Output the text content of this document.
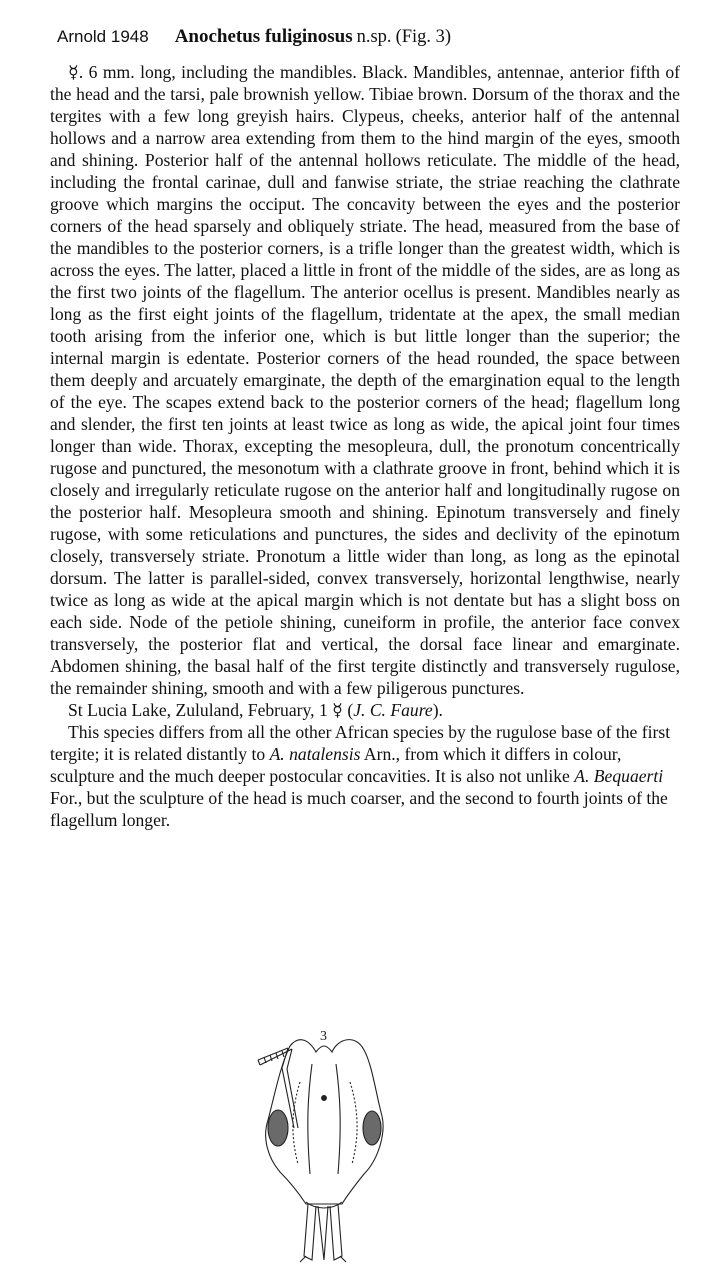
Arnold 1948 Anochetus fuliginosus n.sp. (Fig. 3)

☿. 6 mm. long, including the mandibles. Black. Mandibles, antennae, anterior fifth of the head and the tarsi, pale brownish yellow. Tibiae brown. Dorsum of the thorax and the tergites with a few long greyish hairs. Clypeus, cheeks, anterior half of the antennal hollows and a narrow area extending from them to the hind margin of the eyes, smooth and shining. Posterior half of the antennal hollows reticulate. The middle of the head, including the frontal carinae, dull and fanwise striate, the striae reaching the clathrate groove which margins the occiput. The concavity between the eyes and the posterior corners of the head sparsely and obliquely striate. The head, measured from the base of the mandibles to the posterior corners, is a trifle longer than the greatest width, which is across the eyes. The latter, placed a little in front of the middle of the sides, are as long as the first two joints of the flagellum. The anterior ocellus is present. Mandibles nearly as long as the first eight joints of the flagellum, tridentate at the apex, the small median tooth arising from the inferior one, which is but little longer than the superior; the internal margin is edentate. Posterior corners of the head rounded, the space between them deeply and arcuately emarginate, the depth of the emargination equal to the length of the eye. The scapes extend back to the posterior corners of the head; flagellum long and slender, the first ten joints at least twice as long as wide, the apical joint four times longer than wide. Thorax, excepting the mesopleura, dull, the pronotum concentrically rugose and punctured, the mesonotum with a clathrate groove in front, behind which it is closely and irregularly reticulate rugose on the anterior half and longitudinally rugose on the posterior half. Mesopleura smooth and shining. Epinotum transversely and finely rugose, with some reticulations and punctures, the sides and declivity of the epinotum closely, transversely striate. Pronotum a little wider than long, as long as the epinotal dorsum. The latter is parallel-sided, convex transversely, horizontal lengthwise, nearly twice as long as wide at the apical margin which is not dentate but has a slight boss on each side. Node of the petiole shining, cuneiform in profile, the anterior face convex transversely, the posterior flat and vertical, the dorsal face linear and emarginate. Abdomen shining, the basal half of the first tergite distinctly and transversely rugulose, the remainder shining, smooth and with a few piligerous punctures.

St Lucia Lake, Zululand, February, 1 ☿ (J. C. Faure).

This species differs from all the other African species by the rugulose base of the first tergite; it is related distantly to A. natalensis Arn., from which it differs in colour, sculpture and the much deeper postocular concavities. It is also not unlike A. Bequaerti For., but the sculpture of the head is much coarser, and the second to fourth joints of the flagellum longer.

3
